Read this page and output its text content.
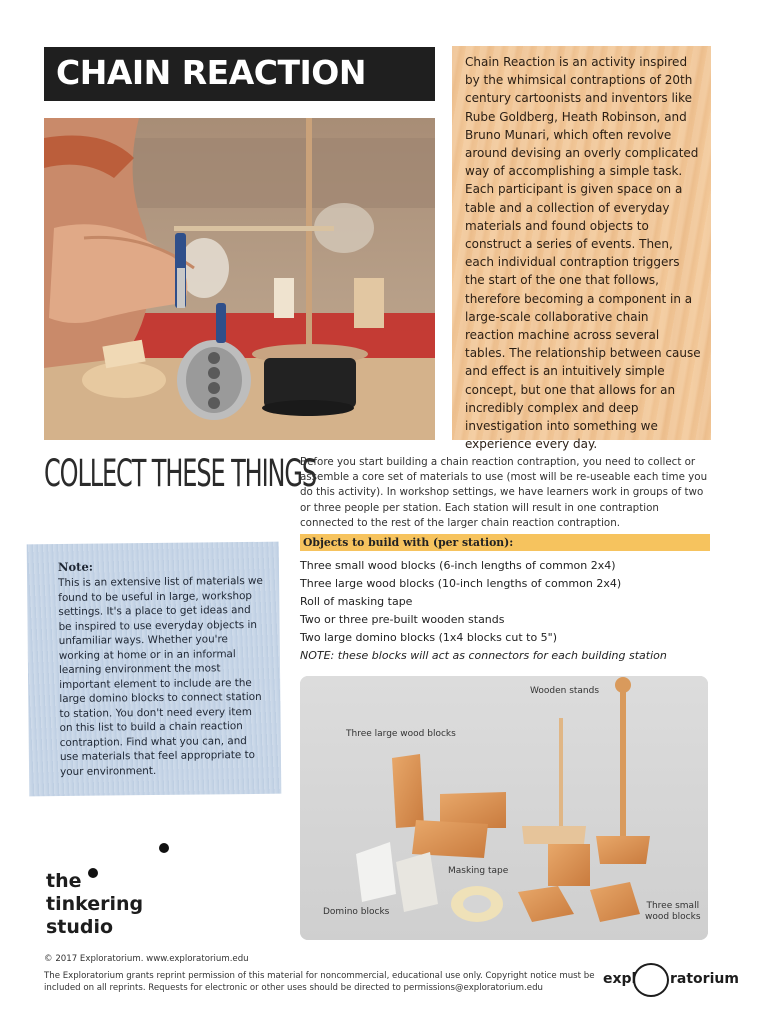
CHAIN REACTION	Chain Reaction is an activity inspired by the whimsical contraptions of 20th century cartoonists and inventors like Rube Goldberg, Heath Robinson, and Bruno Munari, which often revolve around devising an overly complicated way of accomplishing a simple task. Each participant is given space on a table and a collection of everyday materials and found objects to construct a series of events. Then, each individual contraption triggers the start of the one that follows, therefore becoming a component in a large-scale collaborative chain reaction machine across several tables. The relationship between cause and effect is an intuitively simple concept, but one that allows for an incredibly complex and deep investigation into something we experience every day.

COLLECT THESE THINGS

Before you start building a chain reaction contraption, you need to collect or assemble a core set of materials to use (most will be re-useable each time you do this activity). In workshop settings, we have learners work in groups of two or three people per station. Each station will result in one contraption connected to the rest of the larger chain reaction contraption.

Note:

This is an extensive list of materials we found to be useful in large, workshop settings. It's a place to get ideas and be inspired to use everyday objects in unfamiliar ways. Whether you're working at home or in an informal learning environment the most important element to include are the large domino blocks to connect station to station. You don't need every item on this list to build a chain reaction contraption. Find what you can, and use materials that feel appropriate to your environment.

Objects to build with (per station):
Three small wood blocks (6-inch lengths of common 2x4)
Three large wood blocks (10-inch lengths of common 2x4)
Roll of masking tape
Two or three pre-built wooden stands
Two large domino blocks (1x4 blocks cut to 5")
NOTE: these blocks will act as connectors for each building station
Wooden stands
Three large wood blocks
Masking tape
Domino blocks
Three small
wood blocks
the
tinkering
studio
© 2017 Exploratorium. www.exploratorium.edu
The Exploratorium grants reprint permission of this material for noncommercial, educational use only. Copyright notice must be included on all reprints. Requests for electronic or other uses should be directed to permissions@exploratorium.edu
expl ratorium
